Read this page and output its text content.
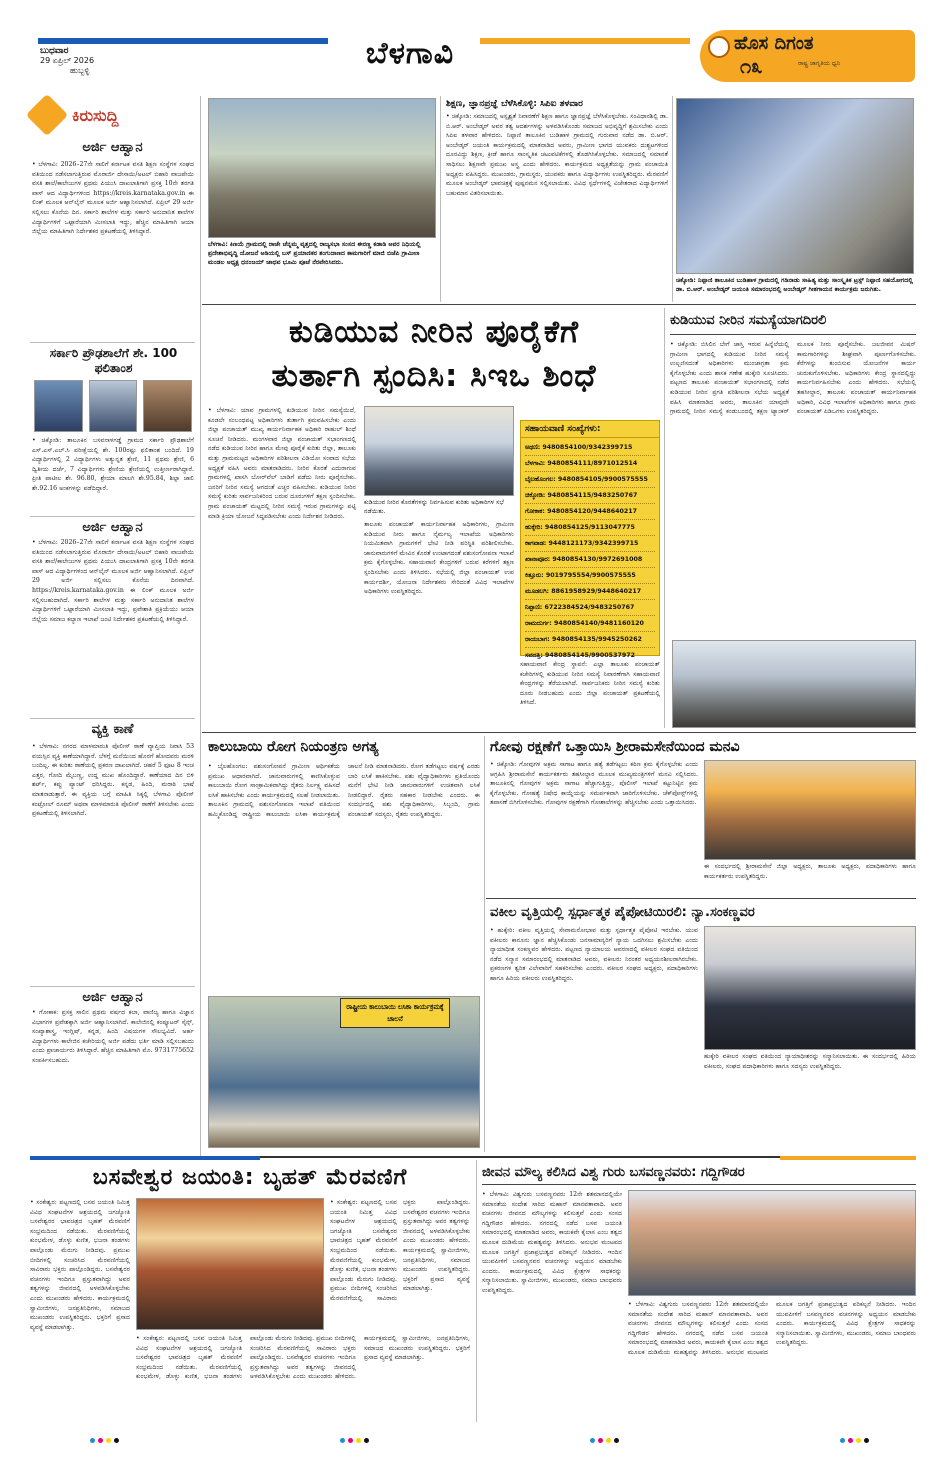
ಬುಧವಾರ
29 ಏಪ್ರಿಲ್ 2026
ಹುಬ್ಬಳ್ಳಿ	ಬೆಳಗಾವಿ	ಹೊಸ ದಿಗಂತ
೧೩	ರಾಷ್ಟ್ರ ಜಾಗೃತಿಯ ಧ್ವನಿ
ಕಿರುಸುದ್ದಿ
ಅರ್ಜಿ ಆಹ್ವಾನ
• ಬೆಳಗಾವಿ: 2026–27ನೇ ಸಾಲಿಗೆ ಕರ್ನಾಟಕ ವಸತಿ ಶಿಕ್ಷಣ ಸಂಸ್ಥೆಗಳ ಸಂಘದ ವತಿಯಿಂದ ನಡೆಸಲಾಗುತ್ತಿರುವ ಮೊರಾರ್ಜಿ ದೇಸಾಯಿ/ಅಟಲ್ ಬಿಹಾರಿ ವಾಜಪೇಯಿ ವಸತಿ ಶಾಲೆ/ಕಾಲೇಜುಗಳ ಪ್ರಥಮ ಪಿಯುಸಿ ದಾಖಲಾತಿಗಾಗಿ ಪ್ರಸಕ್ತ 10ನೇ ತರಗತಿ ಪಾಸ್ ಆದ ವಿದ್ಯಾರ್ಥಿಗಳಿಂದ https://kreis.karnataka.gov.in ಈ ಲಿಂಕ್ ಮೂಲಕ ಆನ್‌ಲೈನ್ ಮೂಲಕ ಅರ್ಜಿ ಆಹ್ವಾನಿಸಲಾಗಿದೆ. ಏಪ್ರಿಲ್ 29 ಅರ್ಜಿ ಸಲ್ಲಿಸಲು ಕೊನೆಯ ದಿನ. ಸರ್ಕಾರಿ ಶಾಲೆಗಳ ಮತ್ತು ಸರ್ಕಾರಿ ಅನುದಾನಿತ ಶಾಲೆಗಳ ವಿದ್ಯಾರ್ಥಿಗಳಿಗೆ ಒಟ್ಟಾರೆಯಾಗಿ ಮೀಸಲಾತಿ ಇದ್ದು, ಹೆಚ್ಚಿನ ಮಾಹಿತಿಗಾಗಿ ಆಯಾ ಜಿಲ್ಲೆಯ ಮಾಹಿತಿಗಾಗಿ ನಿರ್ದೇಶಕರ ಪ್ರಕಟಣೆಯಲ್ಲಿ ತಿಳಿಸಿದ್ದಾರೆ.
ಸರ್ಕಾರಿ ಪ್ರೌಢಶಾಲೆಗೆ ಶೇ. 100 ಫಲಿತಾಂಶ
• ಚಿಕ್ಕೋಡಿ: ತಾಲೂಕಿನ ಬಸವನಾಳಗಡ್ಡೆ ಗ್ರಾಮದ ಸರ್ಕಾರಿ ಪ್ರೌಢಶಾಲೆಗೆ ಎಸ್.ಎಸ್.ಎಲ್.ಸಿ ಪರೀಕ್ಷೆಯಲ್ಲಿ ಶೇ. 100ರಷ್ಟು ಫಲಿತಾಂಶ ಬಂದಿದೆ. 19 ವಿದ್ಯಾರ್ಥಿಗಳಲ್ಲಿ 2 ವಿದ್ಯಾರ್ಥಿಗಳು ಅತ್ಯುನ್ನತ ಶ್ರೇಣಿ, 11 ಪ್ರಥಮ ಶ್ರೇಣಿ, 6 ದ್ವಿತೀಯ ದರ್ಜೆ, 7 ವಿದ್ಯಾರ್ಥಿಗಳು ಶ್ರೇಣಿಯ ಶ್ರೇಣಿಯಲ್ಲಿ ಉತ್ತೀರ್ಣರಾಗಿದ್ದಾರೆ. ಪ್ರೀತಿ ಪಾಟೀಲ ಶೇ. 96.80, ಶ್ರೇಯಾ ಮಾಲಗಿ ಶೇ.95.84, ಶಿಲ್ಪಾ ಜಾಲಿ ಶೇ.92.16 ಅಂಕಗಳನ್ನು ಪಡೆದಿದ್ದಾರೆ.
ಅರ್ಜಿ ಆಹ್ವಾನ
• ಬೆಳಗಾವಿ: 2026–27ನೇ ಸಾಲಿಗೆ ಕರ್ನಾಟಕ ವಸತಿ ಶಿಕ್ಷಣ ಸಂಸ್ಥೆಗಳ ಸಂಘದ ವತಿಯಿಂದ ನಡೆಸಲಾಗುತ್ತಿರುವ ಮೊರಾರ್ಜಿ ದೇಸಾಯಿ/ಅಟಲ್ ಬಿಹಾರಿ ವಾಜಪೇಯಿ ವಸತಿ ಶಾಲೆ/ಕಾಲೇಜುಗಳ ಪ್ರಥಮ ಪಿಯುಸಿ ದಾಖಲಾತಿಗಾಗಿ ಪ್ರಸಕ್ತ 10ನೇ ತರಗತಿ ಪಾಸ್ ಆದ ವಿದ್ಯಾರ್ಥಿಗಳಿಂದ ಆನ್‌ಲೈನ್ ಮೂಲಕ ಅರ್ಜಿ ಆಹ್ವಾನಿಸಲಾಗಿದೆ. ಏಪ್ರಿಲ್ 29 ಅರ್ಜಿ ಸಲ್ಲಿಸಲು ಕೊನೆಯ ದಿನವಾಗಿದೆ. https://kreis.karnataka.gov.in ಈ ಲಿಂಕ್ ಮೂಲಕ ಅರ್ಜಿ ಸಲ್ಲಿಸಬಹುದಾಗಿದೆ. ಸರ್ಕಾರಿ ಶಾಲೆಗಳ ಮತ್ತು ಸರ್ಕಾರಿ ಅನುದಾನಿತ ಶಾಲೆಗಳ ವಿದ್ಯಾರ್ಥಿಗಳಿಗೆ ಒಟ್ಟಾರೆಯಾಗಿ ಮೀಸಲಾತಿ ಇದ್ದು, ಪ್ರವೇಶಾತಿ ಪ್ರಕ್ರಿಯೆಯು ಆಯಾ ಜಿಲ್ಲೆಯ ಸಮಾಜ ಕಲ್ಯಾಣ ಇಲಾಖೆ ಜಂಟಿ ನಿರ್ದೇಶಕರ ಪ್ರಕಟಣೆಯಲ್ಲಿ ತಿಳಿಸಿದ್ದಾರೆ.
ವ್ಯಕ್ತಿ ಕಾಣೆ
• ಬೆಳಗಾವಿ: ನಗರದ ಮಾಳಮಾರುತಿ ಪೊಲೀಸ್ ಠಾಣೆ ವ್ಯಾಪ್ತಿಯ ನಿವಾಸಿ 53 ವಯಸ್ಸಿನ ವ್ಯಕ್ತಿ ಕಾಣೆಯಾಗಿದ್ದಾರೆ. ಬೆಳಗ್ಗೆ ಮನೆಯಿಂದ ಹೊರಗೆ ಹೋದವರು ಮರಳಿ ಬಂದಿಲ್ಲ. ಈ ಕುರಿತು ಠಾಣೆಯಲ್ಲಿ ಪ್ರಕರಣ ದಾಖಲಾಗಿದೆ. ಚಹರೆ 5 ಫೂಟ 8 ಇಂಚ ಎತ್ತರ, ಗೋದಿ ಮೈಬಣ್ಣ, ಉದ್ದ ಮುಖ ಹೊಂದಿದ್ದಾರೆ. ಕಾಣೆಯಾದ ದಿನ ಬಿಳಿ ಶರ್ಟ್, ಕಪ್ಪು ಪ್ಯಾಂಟ್ ಧರಿಸಿದ್ದರು. ಕನ್ನಡ, ಹಿಂದಿ, ಮರಾಠಿ ಭಾಷೆ ಮಾತನಾಡುತ್ತಾರೆ. ಈ ವ್ಯಕ್ತಿಯ ಬಗ್ಗೆ ಮಾಹಿತಿ ಸಿಕ್ಕಲ್ಲಿ ಬೆಳಗಾವಿ ಪೊಲೀಸ್ ಕಂಟ್ರೋಲ್ ರೂಮ್ ಅಥವಾ ಮಾಳಮಾರುತಿ ಪೊಲೀಸ್ ಠಾಣೆಗೆ ತಿಳಿಸಬೇಕು ಎಂದು ಪ್ರಕಟಣೆಯಲ್ಲಿ ತಿಳಿಸಲಾಗಿದೆ.
ಅರ್ಜಿ ಆಹ್ವಾನ
• ಗೋಕಾಕ: ಪ್ರಸಕ್ತ ಸಾಲಿನ ಪ್ರಥಮ ವರ್ಷದ ಕಲಾ, ವಾಣಿಜ್ಯ ಹಾಗೂ ವಿಜ್ಞಾನ ವಿಭಾಗಗಳ ಪ್ರವೇಶಕ್ಕಾಗಿ ಅರ್ಜಿ ಆಹ್ವಾನಿಸಲಾಗಿದೆ. ಕಾಲೇಜಿನಲ್ಲಿ ಕಂಪ್ಯೂಟರ್ ಸೈನ್ಸ್, ಸಂಖ್ಯಾಶಾಸ್ತ್ರ, ಇಂಗ್ಲಿಷ್, ಕನ್ನಡ, ಹಿಂದಿ ವಿಷಯಗಳ ಸೌಲಭ್ಯವಿದೆ. ಅರ್ಹ ವಿದ್ಯಾರ್ಥಿಗಳು ಕಾಲೇಜಿನ ಕಚೇರಿಯಲ್ಲಿ ಅರ್ಜಿ ಪಡೆದು ಭರ್ತಿ ಮಾಡಿ ಸಲ್ಲಿಸಬಹುದು ಎಂದು ಪ್ರಾಚಾರ್ಯರು ತಿಳಿಸಿದ್ದಾರೆ. ಹೆಚ್ಚಿನ ಮಾಹಿತಿಗಾಗಿ ಮೊ. 9731775652 ಸಂಪರ್ಕಿಸಬಹುದು.
ಬೆಳಗಾವಿ: ಕಿಣಯೆ ಗ್ರಾಮದಲ್ಲಿ ರಾಜೇ ಚೆನ್ನಮ್ಮ ವೃತ್ತದಲ್ಲಿ ರಾಜ್ಯಸಭಾ ಸಂಸದ ಈರಣ್ಣ ಕಡಾಡಿ ಅವರ ನಿಧಿಯಲ್ಲಿ ಪ್ರದೇಶಾಭಿವೃದ್ಧಿ ಯೋಜನೆ ಅಡಿಯಲ್ಲಿ ಬಸ್ ಪ್ರಯಾಣಿಕರ ತಂಗುದಾಣದ ಕಾಮಗಾರಿಗೆ ಮಾಜಿ ಬಿಜೆಪಿ ಗ್ರಾಮೀಣ ಮಂಡಲ ಅಧ್ಯಕ್ಷ ಧನಂಜಯ್ ಜಾಧವ ಭೂಮಿ ಪೂಜೆ ನೆರವೇರಿಸಿದರು.
ಶಿಕ್ಷಣ, ಜ್ಞಾನಪ್ರಜ್ಞೆ ಬೆಳೆಸಿಕೊಳ್ಳಿ: ಸಿಪಿಐ ತಳವಾರ
• ಚಿಕ್ಕೋಡಿ: ಸಮಾಜದಲ್ಲಿ ಅಸ್ಪೃಶ್ಯತೆ ನಿವಾರಣೆಗೆ ಶಿಕ್ಷಣ ಹಾಗೂ ಜ್ಞಾನಪ್ರಜ್ಞೆ ಬೆಳೆಸಿಕೊಳ್ಳಬೇಕು. ಸಂವಿಧಾನಶಿಲ್ಪಿ ಡಾ. ಬಿ.ಆರ್. ಅಂಬೇಡ್ಕರ್ ಅವರ ತತ್ವ ಆದರ್ಶಗಳನ್ನು ಅಳವಡಿಸಿಕೊಂಡು ಸಮಾಜದ ಅಭಿವೃದ್ಧಿಗೆ ಶ್ರಮಿಸಬೇಕು ಎಂದು ಸಿಪಿಐ ತಳವಾರ ಹೇಳಿದರು. ನಿಪ್ಪಾಣಿ ತಾಲೂಕಿನ ಬುಡಿಹಾಳ ಗ್ರಾಮದಲ್ಲಿ ಗುರುವಾರ ನಡೆದ ಡಾ. ಬಿ.ಆರ್. ಅಂಬೇಡ್ಕರ್ ಜಯಂತಿ ಕಾರ್ಯಕ್ರಮದಲ್ಲಿ ಮಾತನಾಡಿದ ಅವರು, ಗ್ರಾಮೀಣ ಭಾಗದ ಯುವಕರು ದುಶ್ಚಟಗಳಿಂದ ದೂರವಿದ್ದು ಶಿಕ್ಷಣ, ಕ್ರೀಡೆ ಹಾಗೂ ಸಾಂಸ್ಕೃತಿಕ ಚಟುವಟಿಕೆಗಳಲ್ಲಿ ತೊಡಗಿಸಿಕೊಳ್ಳಬೇಕು. ಸಮಾಜದಲ್ಲಿ ಸಮಾನತೆ ಸಾಧಿಸಲು ಶಿಕ್ಷಣವೇ ಪ್ರಮುಖ ಅಸ್ತ್ರ ಎಂದು ಹೇಳಿದರು. ಕಾರ್ಯಕ್ರಮದ ಅಧ್ಯಕ್ಷತೆಯನ್ನು ಗ್ರಾಮ ಪಂಚಾಯಿತಿ ಅಧ್ಯಕ್ಷರು ವಹಿಸಿದ್ದರು. ಮುಖಂಡರು, ಗ್ರಾಮಸ್ಥರು, ಯುವಕರು ಹಾಗೂ ವಿದ್ಯಾರ್ಥಿಗಳು ಉಪಸ್ಥಿತರಿದ್ದರು. ಮೆರವಣಿಗೆ ಮೂಲಕ ಅಂಬೇಡ್ಕರ್ ಭಾವಚಿತ್ರಕ್ಕೆ ಪುಷ್ಪನಮನ ಸಲ್ಲಿಸಲಾಯಿತು. ವಿವಿಧ ಸ್ಪರ್ಧೆಗಳಲ್ಲಿ ವಿಜೇತರಾದ ವಿದ್ಯಾರ್ಥಿಗಳಿಗೆ ಬಹುಮಾನ ವಿತರಿಸಲಾಯಿತು.
ಚಿಕ್ಕೋಡಿ: ನಿಪ್ಪಾಣಿ ತಾಲೂಕಿನ ಬುಡಿಹಾಳ ಗ್ರಾಮದಲ್ಲಿ ಗಡಿನಾಡು ಸಾಹಿತ್ಯ ಮತ್ತು ಸಾಂಸ್ಕೃತಿಕ ಟ್ರಸ್ಟ್ ನಿಪ್ಪಾಣಿ ಸಹಯೋಗದಲ್ಲಿ ಡಾ. ಬಿ.ಆರ್. ಅಂಬೇಡ್ಕರ್ ಜಯಂತಿ ಸಮಾರಂಭದಲ್ಲಿ ಅಂಬೇಡ್ಕರ್ ಗೀತಗಾಯನ ಕಾರ್ಯಕ್ರಮ ಜರುಗಿತು.
ಕುಡಿಯುವ ನೀರಿನ ಪೂರೈಕೆಗೆ
ತುರ್ತಾಗಿ ಸ್ಪಂದಿಸಿ: ಸಿಇಒ ಶಿಂಧೆ
• ಬೆಳಗಾವಿ: ಯಾವ ಗ್ರಾಮಗಳಲ್ಲಿ ಕುಡಿಯುವ ನೀರಿನ ಸಮಸ್ಯೆಯಿದೆ, ಕೂಡಲೇ ಸಂಬಂಧಪಟ್ಟ ಅಧಿಕಾರಿಗಳು ತುರ್ತಾಗಿ ಕ್ರಮವಹಿಸಬೇಕು ಎಂದು ಜಿಲ್ಲಾ ಪಂಚಾಯತ್ ಮುಖ್ಯ ಕಾರ್ಯನಿರ್ವಾಹಕ ಅಧಿಕಾರಿ ರಾಹುಲ್ ಶಿಂಧೆ ಸೂಚನೆ ನೀಡಿದರು. ಮಂಗಳವಾರ ಜಿಲ್ಲಾ ಪಂಚಾಯತ್ ಸಭಾಂಗಣದಲ್ಲಿ ನಡೆದ ಕುಡಿಯುವ ನೀರಿನ ಹಾಗೂ ಮೇವು ಪೂರೈಕೆ ಕುರಿತು ಜಿಲ್ಲಾ, ತಾಲೂಕು ಮತ್ತು ಗ್ರಾಮಮಟ್ಟದ ಅಧಿಕಾರಿಗಳ ಪರಿಶೀಲನಾ ವಿಡಿಯೋ ಸಂವಾದ ಸಭೆಯ ಅಧ್ಯಕ್ಷತೆ ವಹಿಸಿ ಅವರು ಮಾತನಾಡಿದರು. ನೀರಿನ ಕೊರತೆ ಎದುರಾಗುವ ಗ್ರಾಮಗಳಲ್ಲಿ ಖಾಸಗಿ ಬೋರ್‌ವೆಲ್ ಬಾಡಿಗೆ ಪಡೆದು ನೀರು ಪೂರೈಸಬೇಕು. ಜನರಿಗೆ ನೀರಿನ ಸಮಸ್ಯೆ ಆಗದಂತೆ ಎಚ್ಚರ ವಹಿಸಬೇಕು. ಕುಡಿಯುವ ನೀರಿನ ಸಮಸ್ಯೆ ಕುರಿತು ಸಾರ್ವಜನಿಕರಿಂದ ಬರುವ ದೂರುಗಳಿಗೆ ತಕ್ಷಣ ಸ್ಪಂದಿಸಬೇಕು. ಗ್ರಾಮ ಪಂಚಾಯತ್ ಮಟ್ಟದಲ್ಲಿ ನೀರಿನ ಸಮಸ್ಯೆ ಇರುವ ಗ್ರಾಮಗಳನ್ನು ಪಟ್ಟಿ ಮಾಡಿ ಕ್ರಿಯಾ ಯೋಜನೆ ಸಿದ್ಧಪಡಿಸಬೇಕು ಎಂದು ನಿರ್ದೇಶನ ನೀಡಿದರು.
ಕುಡಿಯುವ ನೀರಿನ ಕೊರತೆಗಳನ್ನು ನಿರ್ವಹಿಸುವ ಕುರಿತು ಅಧಿಕಾರಿಗಳ ಸಭೆ ನಡೆಯಿತು.
ತಾಲೂಕು ಪಂಚಾಯತ್ ಕಾರ್ಯನಿರ್ವಾಹಕ ಅಧಿಕಾರಿಗಳು, ಗ್ರಾಮೀಣ ಕುಡಿಯುವ ನೀರು ಹಾಗೂ ನೈರ್ಮಲ್ಯ ಇಲಾಖೆಯ ಅಧಿಕಾರಿಗಳು ನಿಯಮಿತವಾಗಿ ಗ್ರಾಮಗಳಿಗೆ ಭೇಟಿ ನೀಡಿ ಪರಿಸ್ಥಿತಿ ಪರಿಶೀಲಿಸಬೇಕು. ಜಾನುವಾರುಗಳಿಗೆ ಮೇವಿನ ಕೊರತೆ ಉಂಟಾಗದಂತೆ ಪಶುಸಂಗೋಪನಾ ಇಲಾಖೆ ಕ್ರಮ ಕೈಗೊಳ್ಳಬೇಕು. ಸಹಾಯವಾಣಿ ಕೇಂದ್ರಗಳಿಗೆ ಬರುವ ಕರೆಗಳಿಗೆ ತಕ್ಷಣ ಸ್ಪಂದಿಸಬೇಕು ಎಂದು ತಿಳಿಸಿದರು. ಸಭೆಯಲ್ಲಿ ಜಿಲ್ಲಾ ಪಂಚಾಯತ್ ಉಪ ಕಾರ್ಯದರ್ಶಿ, ಯೋಜನಾ ನಿರ್ದೇಶಕರು ಸೇರಿದಂತೆ ವಿವಿಧ ಇಲಾಖೆಗಳ ಅಧಿಕಾರಿಗಳು ಉಪಸ್ಥಿತರಿದ್ದರು.
ಸಹಾಯವಾಣಿ ಸಂಖ್ಯೆಗಳು:
ಅಥಣಿ: 9480854100/9342399715
ಬೆಳಗಾವಿ: 9480854111/8971012514
ಬೈಲಹೊಂಗಲ: 9480854105/9900575555
ಚಿಕ್ಕೋಡಿ: 9480854115/9483250767
ಗೋಕಾಕ: 9480854120/9448640217
ಹುಕ್ಕೇರಿ: 9480854125/9113047775
ಕಾಗವಾಡ: 9448121173/9342399715
ಖಾನಾಪೂರ: 9480854130/9972691008
ಕಿತ್ತೂರು: 9019795554/9900575555
ಮೂಡಲಗಿ: 8861958929/9448640217
ನಿಪ್ಪಾಣಿ: 6722384524/9483250767
ರಾಮದುರ್ಗ: 9480854140/9481160120
ರಾಯಬಾಗ: 9480854135/9945250262
ಸವದತ್ತಿ: 9480854145/9900537972
ಸಹಾಯವಾಣಿ ಕೇಂದ್ರ ಸ್ಥಾಪನೆ: ಎಲ್ಲಾ ತಾಲೂಕು ಪಂಚಾಯತ್ ಕಚೇರಿಗಳಲ್ಲಿ ಕುಡಿಯುವ ನೀರಿನ ಸಮಸ್ಯೆ ನಿವಾರಣೆಗಾಗಿ ಸಹಾಯವಾಣಿ ಕೇಂದ್ರಗಳನ್ನು ತೆರೆಯಲಾಗಿದೆ. ಸಾರ್ವಜನಿಕರು ನೀರಿನ ಸಮಸ್ಯೆ ಕುರಿತು ದೂರು ನೀಡಬಹುದು ಎಂದು ಜಿಲ್ಲಾ ಪಂಚಾಯತ್ ಪ್ರಕಟಣೆಯಲ್ಲಿ ತಿಳಿಸಿದೆ.
ಕುಡಿಯುವ ನೀರಿನ ಸಮಸ್ಯೆಯಾಗದಿರಲಿ
• ಚಿಕ್ಕೋಡಿ: ಬಿಸಿಲಿನ ಬೇಗೆ ಜಾಸ್ತಿ ಇರುವ ಹಿನ್ನೆಲೆಯಲ್ಲಿ ಗ್ರಾಮೀಣ ಭಾಗದಲ್ಲಿ ಕುಡಿಯುವ ನೀರಿನ ಸಮಸ್ಯೆ ಉಲ್ಬಣಿಸದಂತೆ ಅಧಿಕಾರಿಗಳು ಮುಂಜಾಗ್ರತಾ ಕ್ರಮ ಕೈಗೊಳ್ಳಬೇಕು ಎಂದು ಶಾಸಕ ಗಣೇಶ ಹುಕ್ಕೇರಿ ಸೂಚಿಸಿದರು. ಪಟ್ಟಣದ ತಾಲೂಕು ಪಂಚಾಯತ್ ಸಭಾಂಗಣದಲ್ಲಿ ನಡೆದ ಕುಡಿಯುವ ನೀರಿನ ಪ್ರಗತಿ ಪರಿಶೀಲನಾ ಸಭೆಯ ಅಧ್ಯಕ್ಷತೆ ವಹಿಸಿ ಮಾತನಾಡಿದ ಅವರು, ತಾಲೂಕಿನ ಯಾವುದೇ ಗ್ರಾಮದಲ್ಲಿ ನೀರಿನ ಸಮಸ್ಯೆ ಕಂಡುಬಂದಲ್ಲಿ ತಕ್ಷಣ ಟ್ಯಾಂಕರ್ ಮೂಲಕ ನೀರು ಪೂರೈಸಬೇಕು. ಜಲಜೀವನ ಮಿಷನ್ ಕಾಮಗಾರಿಗಳನ್ನು ಶೀಘ್ರವಾಗಿ ಪೂರ್ಣಗೊಳಿಸಬೇಕು. ಕೆರೆಗಳನ್ನು ತುಂಬಿಸುವ ಯೋಜನೆಗಳ ಕಾರ್ಯ ಚುರುಕುಗೊಳಿಸಬೇಕು. ಅಧಿಕಾರಿಗಳು ಕೇಂದ್ರ ಸ್ಥಾನದಲ್ಲಿದ್ದು ಕಾರ್ಯನಿರ್ವಹಿಸಬೇಕು ಎಂದು ಹೇಳಿದರು. ಸಭೆಯಲ್ಲಿ ತಹಸೀಲ್ದಾರ, ತಾಲೂಕು ಪಂಚಾಯತ್ ಕಾರ್ಯನಿರ್ವಾಹಕ ಅಧಿಕಾರಿ, ವಿವಿಧ ಇಲಾಖೆಗಳ ಅಧಿಕಾರಿಗಳು ಹಾಗೂ ಗ್ರಾಮ ಪಂಚಾಯತ್ ಪಿಡಿಒಗಳು ಉಪಸ್ಥಿತರಿದ್ದರು.
ಕಾಲುಬಾಯಿ ರೋಗ ನಿಯಂತ್ರಣ ಅಗತ್ಯ
• ಬೈಲಹೊಂಗಲ: ಪಶುಸಂಗೋಪನೆ ಗ್ರಾಮೀಣ ಆರ್ಥಿಕತೆಯ ಪ್ರಮುಖ ಆಧಾರವಾಗಿದೆ. ಜಾನುವಾರುಗಳಲ್ಲಿ ಕಾಣಿಸಿಕೊಳ್ಳುವ ಕಾಲುಬಾಯಿ ರೋಗ ಸಾಂಕ್ರಾಮಿಕವಾಗಿದ್ದು ರೈತರು ನಿರ್ಲಕ್ಷ್ಯ ವಹಿಸದೆ ಲಸಿಕೆ ಹಾಕಿಸಬೇಕು ಎಂದು ಕಾರ್ಯಕ್ರಮದಲ್ಲಿ ಸಲಹೆ ನೀಡಲಾಯಿತು. ತಾಲೂಕಿನ ಗ್ರಾಮದಲ್ಲಿ ಪಶುಸಂಗೋಪನಾ ಇಲಾಖೆ ವತಿಯಿಂದ ಹಮ್ಮಿಕೊಂಡಿದ್ದ ರಾಷ್ಟ್ರೀಯ ಕಾಲುಬಾಯಿ ಲಸಿಕಾ ಕಾರ್ಯಕ್ರಮಕ್ಕೆ ಚಾಲನೆ ನೀಡಿ ಮಾತನಾಡಿದರು. ರೋಗ ತಡೆಗಟ್ಟಲು ವರ್ಷಕ್ಕೆ ಎರಡು ಬಾರಿ ಲಸಿಕೆ ಹಾಕಿಸಬೇಕು. ಪಶು ವೈದ್ಯಾಧಿಕಾರಿಗಳು ಪ್ರತಿಯೊಂದು ಮನೆಗೆ ಭೇಟಿ ನೀಡಿ ಜಾನುವಾರುಗಳಿಗೆ ಉಚಿತವಾಗಿ ಲಸಿಕೆ ನೀಡಲಿದ್ದಾರೆ. ರೈತರು ಸಹಕಾರ ನೀಡಬೇಕು ಎಂದರು. ಈ ಸಂದರ್ಭದಲ್ಲಿ ಪಶು ವೈದ್ಯಾಧಿಕಾರಿಗಳು, ಸಿಬ್ಬಂದಿ, ಗ್ರಾಮ ಪಂಚಾಯತ್ ಸದಸ್ಯರು, ರೈತರು ಉಪಸ್ಥಿತರಿದ್ದರು.
ರಾಷ್ಟ್ರೀಯ ಕಾಲುಬಾಯಿ ಲಸಿಕಾ ಕಾರ್ಯಕ್ರಮಕ್ಕೆ ಚಾಲನೆ
ಗೋವು ರಕ್ಷಣೆಗೆ ಒತ್ತಾಯಿಸಿ ಶ್ರೀರಾಮಸೇನೆಯಿಂದ ಮನವಿ
• ಚಿಕ್ಕೋಡಿ: ಗೋವುಗಳ ಅಕ್ರಮ ಸಾಗಾಟ ಹಾಗೂ ಹತ್ಯೆ ತಡೆಗಟ್ಟಲು ಕಠಿಣ ಕ್ರಮ ಕೈಗೊಳ್ಳಬೇಕು ಎಂದು ಆಗ್ರಹಿಸಿ ಶ್ರೀರಾಮಸೇನೆ ಕಾರ್ಯಕರ್ತರು ತಹಸೀಲ್ದಾರ ಮೂಲಕ ಮುಖ್ಯಮಂತ್ರಿಗಳಿಗೆ ಮನವಿ ಸಲ್ಲಿಸಿದರು. ತಾಲೂಕಿನಲ್ಲಿ ಗೋವುಗಳ ಅಕ್ರಮ ಸಾಗಾಟ ಹೆಚ್ಚಾಗುತ್ತಿದ್ದು, ಪೊಲೀಸ್ ಇಲಾಖೆ ಕಟ್ಟುನಿಟ್ಟಿನ ಕ್ರಮ ಕೈಗೊಳ್ಳಬೇಕು. ಗೋಹತ್ಯೆ ನಿಷೇಧ ಕಾಯ್ದೆಯನ್ನು ಸಮರ್ಪಕವಾಗಿ ಜಾರಿಗೊಳಿಸಬೇಕು. ಚೆಕ್‌ಪೋಸ್ಟ್‌ಗಳಲ್ಲಿ ತಪಾಸಣೆ ಬಿಗಿಗೊಳಿಸಬೇಕು. ಗೋವುಗಳ ರಕ್ಷಣೆಗಾಗಿ ಗೋಶಾಲೆಗಳನ್ನು ಹೆಚ್ಚಿಸಬೇಕು ಎಂದು ಒತ್ತಾಯಿಸಿದರು.
ಈ ಸಂದರ್ಭದಲ್ಲಿ ಶ್ರೀರಾಮಸೇನೆ ಜಿಲ್ಲಾ ಅಧ್ಯಕ್ಷರು, ತಾಲೂಕು ಅಧ್ಯಕ್ಷರು, ಪದಾಧಿಕಾರಿಗಳು ಹಾಗೂ ಕಾರ್ಯಕರ್ತರು ಉಪಸ್ಥಿತರಿದ್ದರು.
ವಕೀಲ ವೃತ್ತಿಯಲ್ಲಿ ಸ್ಪರ್ಧಾತ್ಮಕ ಪೈಪೋಟಿಯಿರಲಿ: ನ್ಯಾ.ಸಂಕಣ್ಣವರ
• ಹುಕ್ಕೇರಿ: ವಕೀಲ ವೃತ್ತಿಯಲ್ಲಿ ಸೇವಾಮನೋಭಾವ ಮತ್ತು ಸ್ಪರ್ಧಾತ್ಮಕ ಪೈಪೋಟಿ ಇರಬೇಕು. ಯುವ ವಕೀಲರು ಕಾನೂನು ಜ್ಞಾನ ಹೆಚ್ಚಿಸಿಕೊಂಡು ಜನಸಾಮಾನ್ಯರಿಗೆ ನ್ಯಾಯ ಒದಗಿಸಲು ಶ್ರಮಿಸಬೇಕು ಎಂದು ನ್ಯಾಯಾಧೀಶ ಸಂಕಣ್ಣವರ ಹೇಳಿದರು. ಪಟ್ಟಣದ ನ್ಯಾಯಾಲಯ ಆವರಣದಲ್ಲಿ ವಕೀಲರ ಸಂಘದ ವತಿಯಿಂದ ನಡೆದ ಸನ್ಮಾನ ಸಮಾರಂಭದಲ್ಲಿ ಮಾತನಾಡಿದ ಅವರು, ವಕೀಲರು ನಿರಂತರ ಅಧ್ಯಯನಶೀಲರಾಗಿರಬೇಕು. ಪ್ರಕರಣಗಳ ತ್ವರಿತ ವಿಲೇವಾರಿಗೆ ಸಹಕರಿಸಬೇಕು ಎಂದರು. ವಕೀಲರ ಸಂಘದ ಅಧ್ಯಕ್ಷರು, ಪದಾಧಿಕಾರಿಗಳು ಹಾಗೂ ಹಿರಿಯ ವಕೀಲರು ಉಪಸ್ಥಿತರಿದ್ದರು.
ಹುಕ್ಕೇರಿ ವಕೀಲರ ಸಂಘದ ವತಿಯಿಂದ ನ್ಯಾಯಾಧೀಶರನ್ನು ಸನ್ಮಾನಿಸಲಾಯಿತು. ಈ ಸಂದರ್ಭದಲ್ಲಿ ಹಿರಿಯ ವಕೀಲರು, ಸಂಘದ ಪದಾಧಿಕಾರಿಗಳು ಹಾಗೂ ಸದಸ್ಯರು ಉಪಸ್ಥಿತರಿದ್ದರು.
ಬಸವೇಶ್ವರ ಜಯಂತಿ: ಬೃಹತ್ ಮೆರವಣಿಗೆ
• ಸಂಕೇಶ್ವರ: ಪಟ್ಟಣದಲ್ಲಿ ಬಸವ ಜಯಂತಿ ನಿಮಿತ್ತ ವಿವಿಧ ಸಂಘಟನೆಗಳ ಆಶ್ರಯದಲ್ಲಿ ಜಗಜ್ಯೋತಿ ಬಸವೇಶ್ವರರ ಭಾವಚಿತ್ರದ ಬೃಹತ್ ಮೆರವಣಿಗೆ ಸಂಭ್ರಮದಿಂದ ನಡೆಯಿತು. ಮೆರವಣಿಗೆಯಲ್ಲಿ ಕುಂಭಮೇಳ, ಡೊಳ್ಳು ಕುಣಿತ, ಭಜನಾ ತಂಡಗಳು ಪಾಲ್ಗೊಂಡು ಮೆರುಗು ನೀಡಿದವು. ಪ್ರಮುಖ ಬೀದಿಗಳಲ್ಲಿ ಸಂಚರಿಸಿದ ಮೆರವಣಿಗೆಯಲ್ಲಿ ಸಾವಿರಾರು ಭಕ್ತರು ಪಾಲ್ಗೊಂಡಿದ್ದರು. ಬಸವೇಶ್ವರರ ವಚನಗಳು ಇಂದಿಗೂ ಪ್ರಸ್ತುತವಾಗಿದ್ದು ಅವರ ತತ್ವಗಳನ್ನು ಜೀವನದಲ್ಲಿ ಅಳವಡಿಸಿಕೊಳ್ಳಬೇಕು ಎಂದು ಮುಖಂಡರು ಹೇಳಿದರು. ಕಾರ್ಯಕ್ರಮದಲ್ಲಿ ಸ್ವಾಮೀಜಿಗಳು, ಜನಪ್ರತಿನಿಧಿಗಳು, ಸಮಾಜದ ಮುಖಂಡರು ಉಪಸ್ಥಿತರಿದ್ದರು. ಭಕ್ತರಿಗೆ ಪ್ರಸಾದ ವ್ಯವಸ್ಥೆ ಮಾಡಲಾಗಿತ್ತು.
• ಸಂಕೇಶ್ವರ: ಪಟ್ಟಣದಲ್ಲಿ ಬಸವ ಜಯಂತಿ ನಿಮಿತ್ತ ವಿವಿಧ ಸಂಘಟನೆಗಳ ಆಶ್ರಯದಲ್ಲಿ ಜಗಜ್ಯೋತಿ ಬಸವೇಶ್ವರರ ಭಾವಚಿತ್ರದ ಬೃಹತ್ ಮೆರವಣಿಗೆ ಸಂಭ್ರಮದಿಂದ ನಡೆಯಿತು. ಮೆರವಣಿಗೆಯಲ್ಲಿ ಕುಂಭಮೇಳ, ಡೊಳ್ಳು ಕುಣಿತ, ಭಜನಾ ತಂಡಗಳು ಪಾಲ್ಗೊಂಡು ಮೆರುಗು ನೀಡಿದವು. ಪ್ರಮುಖ ಬೀದಿಗಳಲ್ಲಿ ಸಂಚರಿಸಿದ ಮೆರವಣಿಗೆಯಲ್ಲಿ ಸಾವಿರಾರು ಭಕ್ತರು ಪಾಲ್ಗೊಂಡಿದ್ದರು. ಬಸವೇಶ್ವರರ ವಚನಗಳು ಇಂದಿಗೂ ಪ್ರಸ್ತುತವಾಗಿದ್ದು ಅವರ ತತ್ವಗಳನ್ನು ಜೀವನದಲ್ಲಿ ಅಳವಡಿಸಿಕೊಳ್ಳಬೇಕು ಎಂದು ಮುಖಂಡರು ಹೇಳಿದರು. ಕಾರ್ಯಕ್ರಮದಲ್ಲಿ ಸ್ವಾಮೀಜಿಗಳು, ಜನಪ್ರತಿನಿಧಿಗಳು, ಸಮಾಜದ ಮುಖಂಡರು ಉಪಸ್ಥಿತರಿದ್ದರು. ಭಕ್ತರಿಗೆ ಪ್ರಸಾದ ವ್ಯವಸ್ಥೆ ಮಾಡಲಾಗಿತ್ತು.
• ಸಂಕೇಶ್ವರ: ಪಟ್ಟಣದಲ್ಲಿ ಬಸವ ಜಯಂತಿ ನಿಮಿತ್ತ ವಿವಿಧ ಸಂಘಟನೆಗಳ ಆಶ್ರಯದಲ್ಲಿ ಜಗಜ್ಯೋತಿ ಬಸವೇಶ್ವರರ ಭಾವಚಿತ್ರದ ಬೃಹತ್ ಮೆರವಣಿಗೆ ಸಂಭ್ರಮದಿಂದ ನಡೆಯಿತು. ಮೆರವಣಿಗೆಯಲ್ಲಿ ಕುಂಭಮೇಳ, ಡೊಳ್ಳು ಕುಣಿತ, ಭಜನಾ ತಂಡಗಳು ಪಾಲ್ಗೊಂಡು ಮೆರುಗು ನೀಡಿದವು. ಪ್ರಮುಖ ಬೀದಿಗಳಲ್ಲಿ ಸಂಚರಿಸಿದ ಮೆರವಣಿಗೆಯಲ್ಲಿ ಸಾವಿರಾರು ಭಕ್ತರು ಪಾಲ್ಗೊಂಡಿದ್ದರು. ಬಸವೇಶ್ವರರ ವಚನಗಳು ಇಂದಿಗೂ ಪ್ರಸ್ತುತವಾಗಿದ್ದು ಅವರ ತತ್ವಗಳನ್ನು ಜೀವನದಲ್ಲಿ ಅಳವಡಿಸಿಕೊಳ್ಳಬೇಕು ಎಂದು ಮುಖಂಡರು ಹೇಳಿದರು. ಕಾರ್ಯಕ್ರಮದಲ್ಲಿ ಸ್ವಾಮೀಜಿಗಳು, ಜನಪ್ರತಿನಿಧಿಗಳು, ಸಮಾಜದ ಮುಖಂಡರು ಉಪಸ್ಥಿತರಿದ್ದರು. ಭಕ್ತರಿಗೆ ಪ್ರಸಾದ ವ್ಯವಸ್ಥೆ ಮಾಡಲಾಗಿತ್ತು.
ಜೀವನ ಮೌಲ್ಯ ಕಲಿಸಿದ ವಿಶ್ವ ಗುರು ಬಸವಣ್ಣನವರು: ಗದ್ದಿಗೌಡರ
• ಬೆಳಗಾವಿ: ವಿಶ್ವಗುರು ಬಸವಣ್ಣನವರು 12ನೇ ಶತಮಾನದಲ್ಲಿಯೇ ಸಮಾನತೆಯ ಸಂದೇಶ ಸಾರಿದ ಮಹಾನ್ ಮಾನವತಾವಾದಿ. ಅವರ ವಚನಗಳು ಜೀವನದ ಮೌಲ್ಯಗಳನ್ನು ಕಲಿಸುತ್ತವೆ ಎಂದು ಸಂಸದ ಗದ್ದಿಗೌಡರ ಹೇಳಿದರು. ನಗರದಲ್ಲಿ ನಡೆದ ಬಸವ ಜಯಂತಿ ಸಮಾರಂಭದಲ್ಲಿ ಮಾತನಾಡಿದ ಅವರು, ಕಾಯಕವೇ ಕೈಲಾಸ ಎಂಬ ತತ್ವದ ಮೂಲಕ ದುಡಿಮೆಯ ಮಹತ್ವವನ್ನು ತಿಳಿಸಿದರು. ಅನುಭವ ಮಂಟಪದ ಮೂಲಕ ಜಗತ್ತಿಗೆ ಪ್ರಜಾಪ್ರಭುತ್ವದ ಪರಿಕಲ್ಪನೆ ನೀಡಿದರು. ಇಂದಿನ ಯುವಪೀಳಿಗೆ ಬಸವಣ್ಣನವರ ವಚನಗಳನ್ನು ಅಧ್ಯಯನ ಮಾಡಬೇಕು ಎಂದರು. ಕಾರ್ಯಕ್ರಮದಲ್ಲಿ ವಿವಿಧ ಕ್ಷೇತ್ರಗಳ ಸಾಧಕರನ್ನು ಸನ್ಮಾನಿಸಲಾಯಿತು. ಸ್ವಾಮೀಜಿಗಳು, ಮುಖಂಡರು, ಸಮಾಜ ಬಾಂಧವರು ಉಪಸ್ಥಿತರಿದ್ದರು.
• ಬೆಳಗಾವಿ: ವಿಶ್ವಗುರು ಬಸವಣ್ಣನವರು 12ನೇ ಶತಮಾನದಲ್ಲಿಯೇ ಸಮಾನತೆಯ ಸಂದೇಶ ಸಾರಿದ ಮಹಾನ್ ಮಾನವತಾವಾದಿ. ಅವರ ವಚನಗಳು ಜೀವನದ ಮೌಲ್ಯಗಳನ್ನು ಕಲಿಸುತ್ತವೆ ಎಂದು ಸಂಸದ ಗದ್ದಿಗೌಡರ ಹೇಳಿದರು. ನಗರದಲ್ಲಿ ನಡೆದ ಬಸವ ಜಯಂತಿ ಸಮಾರಂಭದಲ್ಲಿ ಮಾತನಾಡಿದ ಅವರು, ಕಾಯಕವೇ ಕೈಲಾಸ ಎಂಬ ತತ್ವದ ಮೂಲಕ ದುಡಿಮೆಯ ಮಹತ್ವವನ್ನು ತಿಳಿಸಿದರು. ಅನುಭವ ಮಂಟಪದ ಮೂಲಕ ಜಗತ್ತಿಗೆ ಪ್ರಜಾಪ್ರಭುತ್ವದ ಪರಿಕಲ್ಪನೆ ನೀಡಿದರು. ಇಂದಿನ ಯುವಪೀಳಿಗೆ ಬಸವಣ್ಣನವರ ವಚನಗಳನ್ನು ಅಧ್ಯಯನ ಮಾಡಬೇಕು ಎಂದರು. ಕಾರ್ಯಕ್ರಮದಲ್ಲಿ ವಿವಿಧ ಕ್ಷೇತ್ರಗಳ ಸಾಧಕರನ್ನು ಸನ್ಮಾನಿಸಲಾಯಿತು. ಸ್ವಾಮೀಜಿಗಳು, ಮುಖಂಡರು, ಸಮಾಜ ಬಾಂಧವರು ಉಪಸ್ಥಿತರಿದ್ದರು.
